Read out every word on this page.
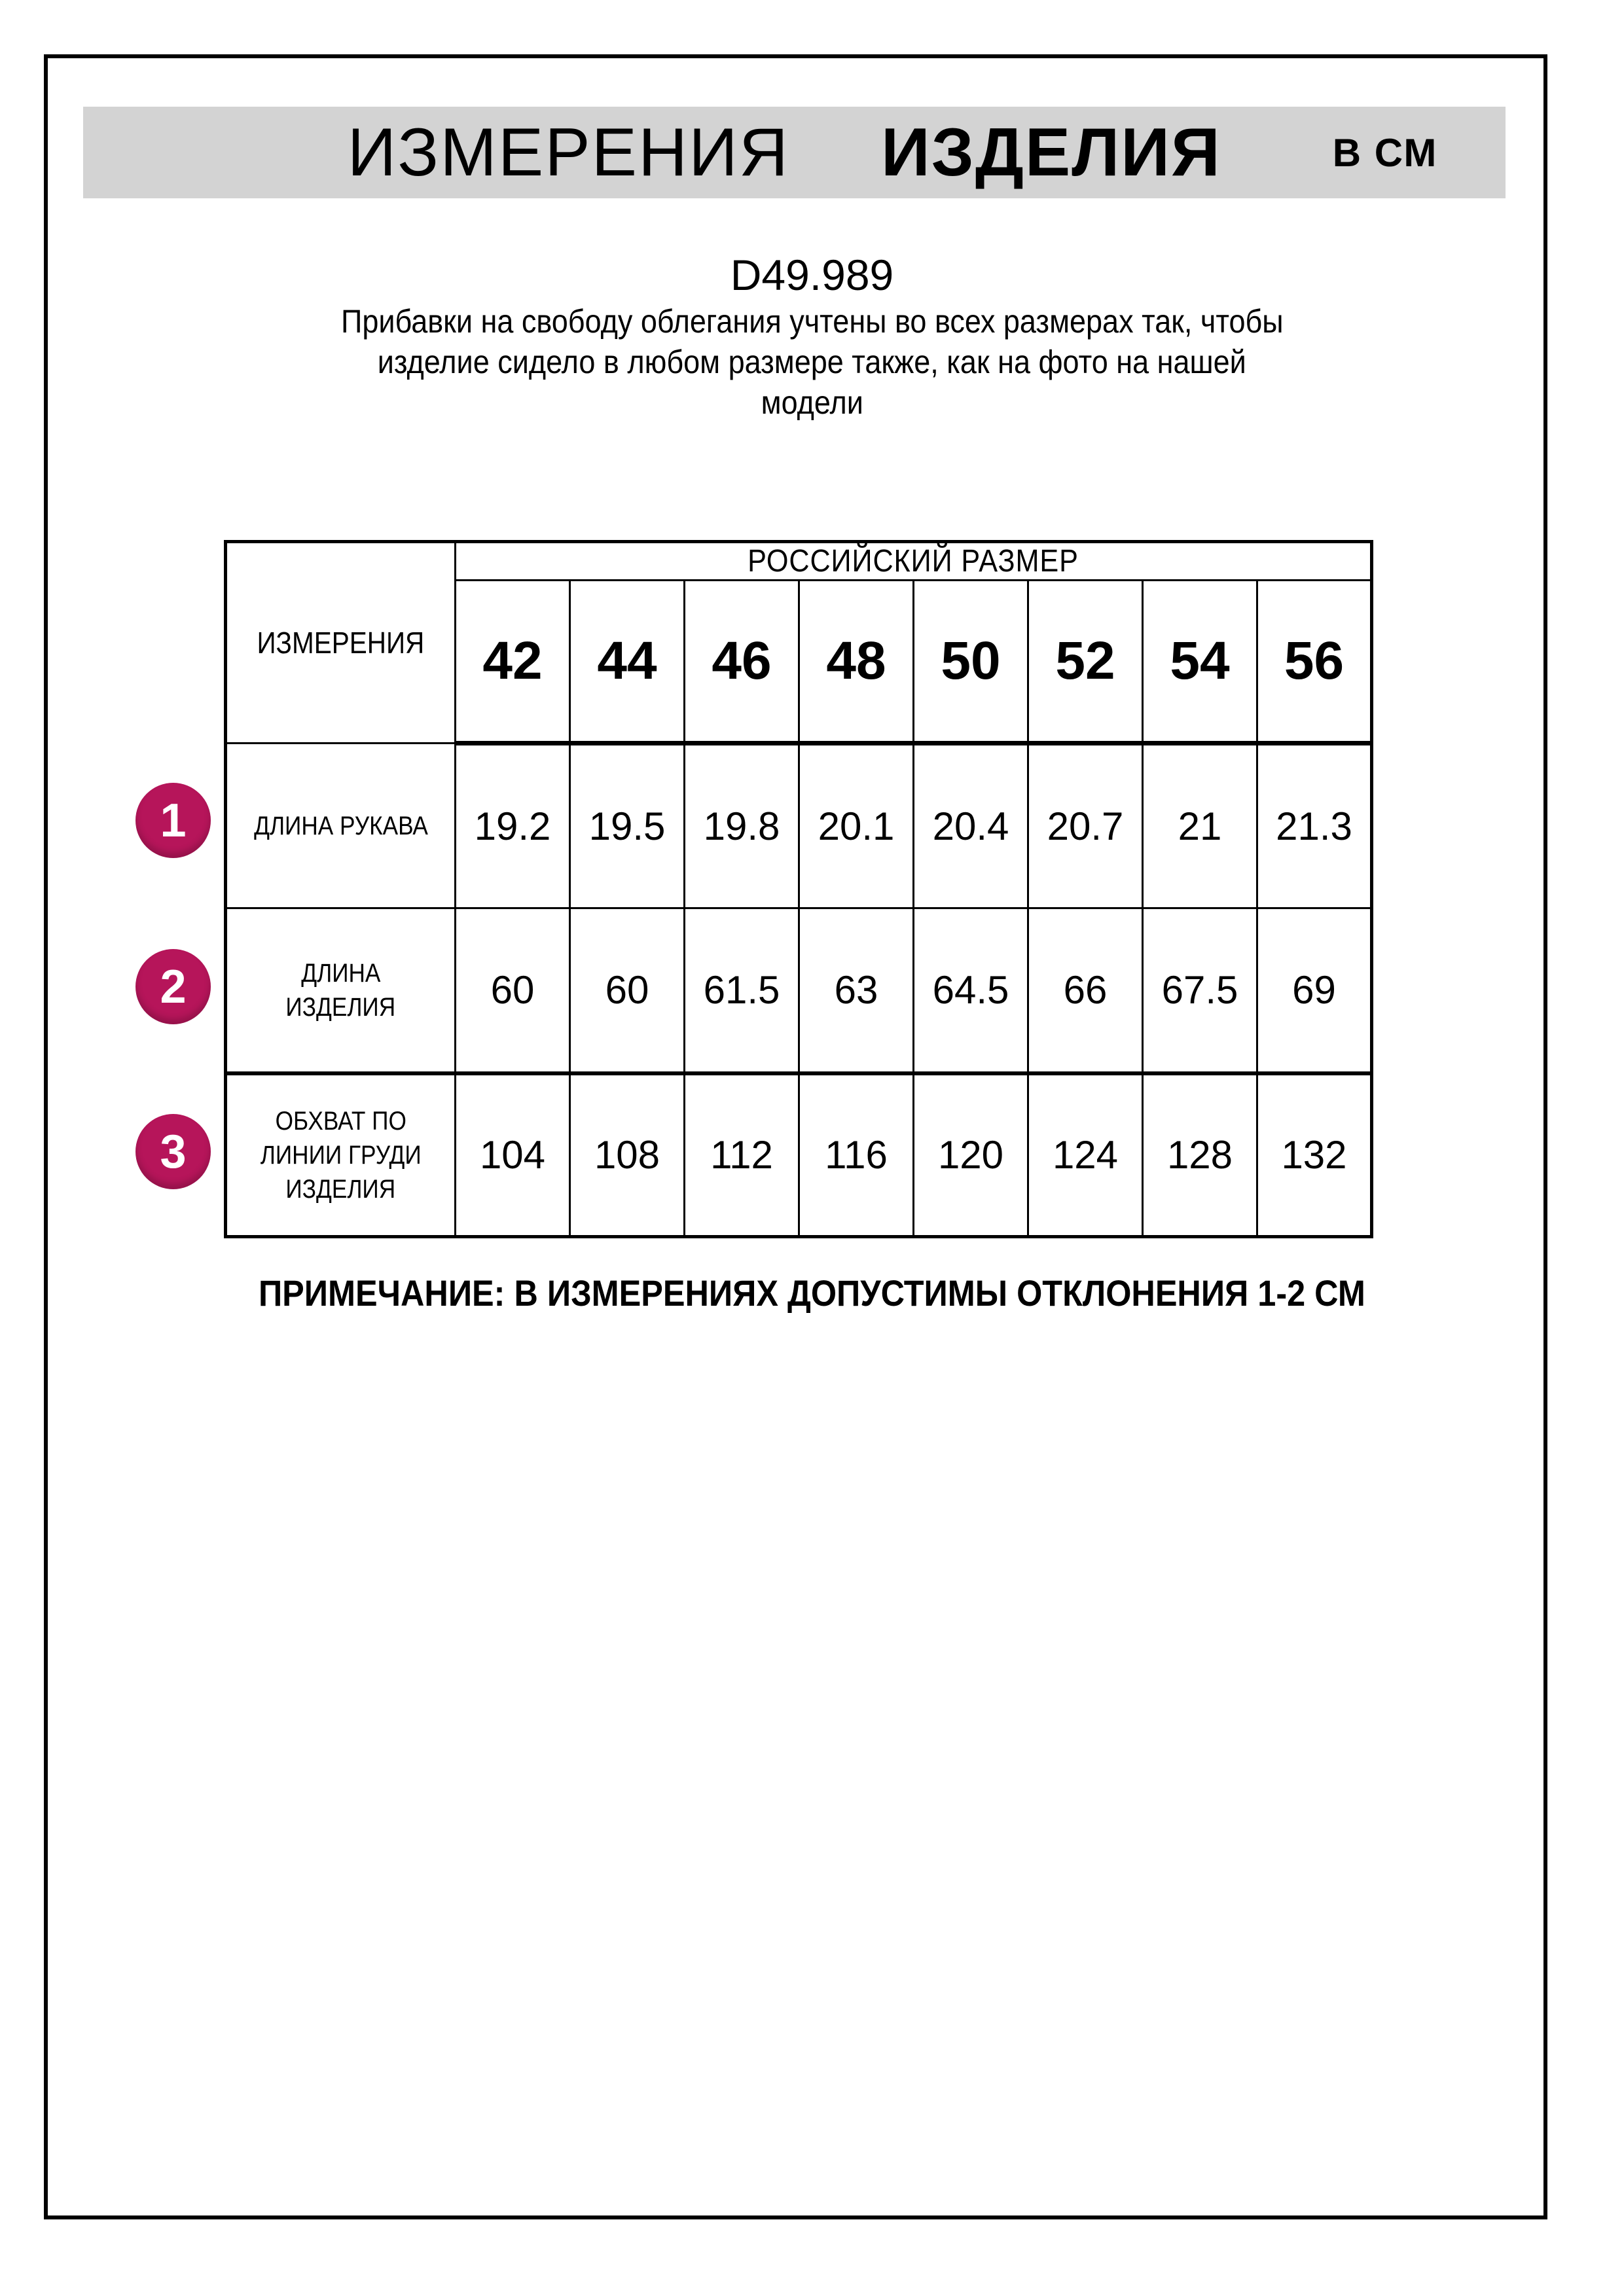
ИЗМЕРЕНИЯ ИЗДЕЛИЯ	В СМ
D49.989
Прибавки на свободу облегания учтены во всех размерах так, чтобы
изделие сидело в любом размере также, как на фото на нашей
модели
ИЗМЕРЕНИЯ	РОССИЙСКИЙ РАЗМЕР							
	42	44	46	48	50	52	54	56

ДЛИНА РУКАВА	19.2	19.5	19.8	20.1	20.4	20.7	21	21.3

ДЛИНА
ИЗДЕЛИЯ	60	60	61.5	63	64.5	66	67.5	69

ОБХВАТ ПО
ЛИНИИ ГРУДИ
ИЗДЕЛИЯ	104	108	112	116	120	124	128	132
1
2
3
ПРИМЕЧАНИЕ: В ИЗМЕРЕНИЯХ ДОПУСТИМЫ ОТКЛОНЕНИЯ 1-2 СМ
